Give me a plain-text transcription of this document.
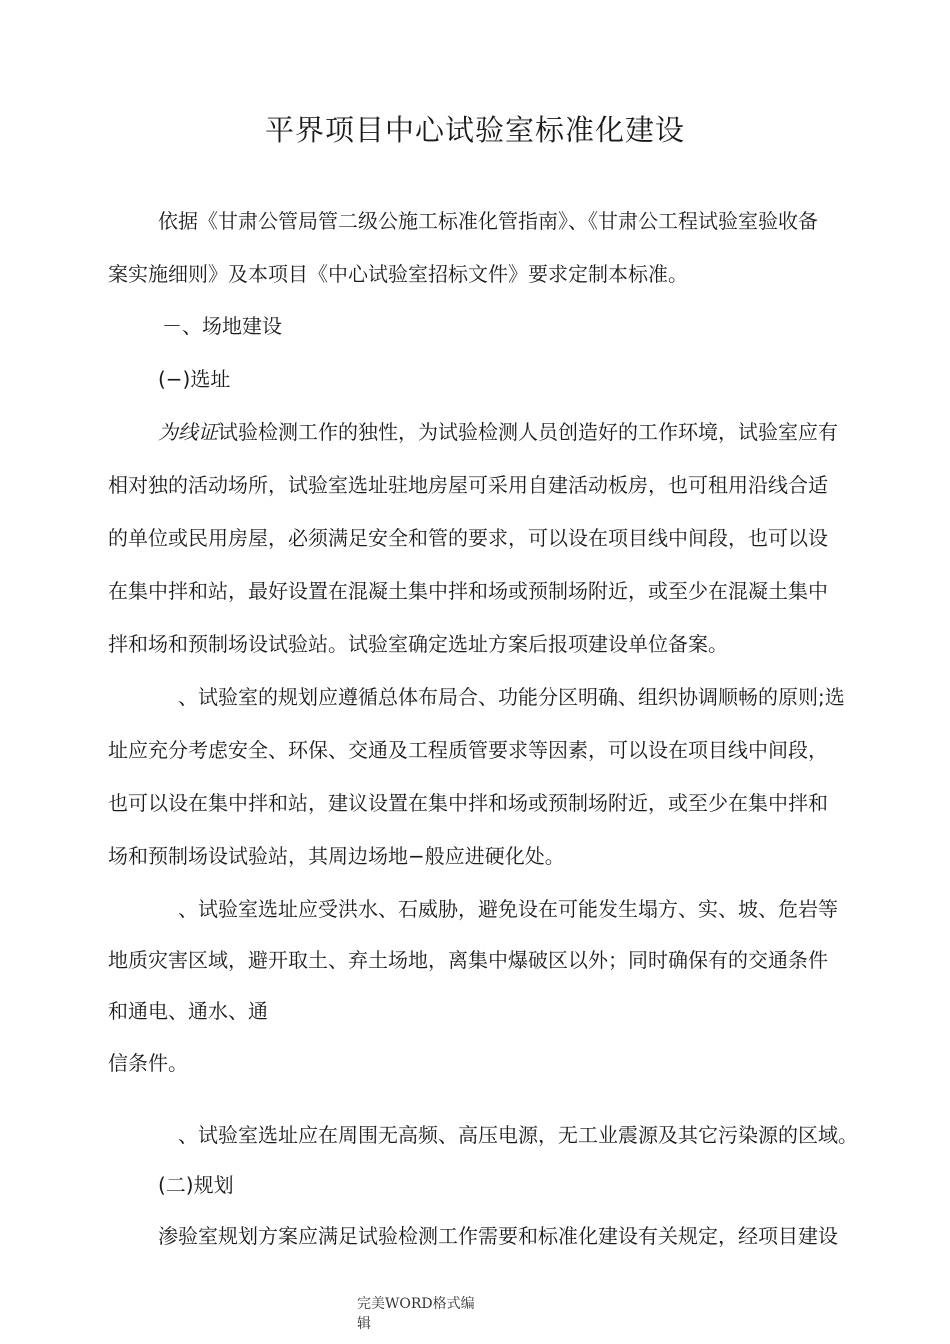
平界项目中心试验室标准化建设
依据《甘肃公管局管二级公施工标准化管指南》、《甘肃公工程试验室验收备
案实施细则》及本项目《中心试验室招标文件》要求定制本标准。
－、场地建设
(−)选址
为线证试验检测工作的独性，为试验检测人员创造好的工作环境，试验室应有
相对独的活动场所，试验室选址驻地房屋可采用自建活动板房，也可租用沿线合适
的单位或民用房屋，必须满足安全和管的要求，可以设在项目线中间段，也可以设
在集中拌和站，最好设置在混凝土集中拌和场或预制场附近，或至少在混凝土集中
拌和场和预制场设试验站。试验室确定选址方案后报项建设单位备案。
、试验室的规划应遵循总体布局合、功能分区明确、组织协调顺畅的原则;选
址应充分考虑安全、环保、交通及工程质管要求等因素，可以设在项目线中间段，
也可以设在集中拌和站，建议设置在集中拌和场或预制场附近，或至少在集中拌和
场和预制场设试验站，其周边场地−般应进硬化处。
、试验室选址应受洪水、石威胁，避免设在可能发生塌方、实、坡、危岩等
地质灾害区域，避开取土、弃土场地，离集中爆破区以外；同时确保有的交通条件
和通电、通水、通
信条件。
、试验室选址应在周围无高频、高压电源，无工业震源及其它污染源的区域。
(二)规划
渗验室规划方案应满足试验检测工作需要和标准化建设有关规定，经项目建设
完美WORD格式编
辑
